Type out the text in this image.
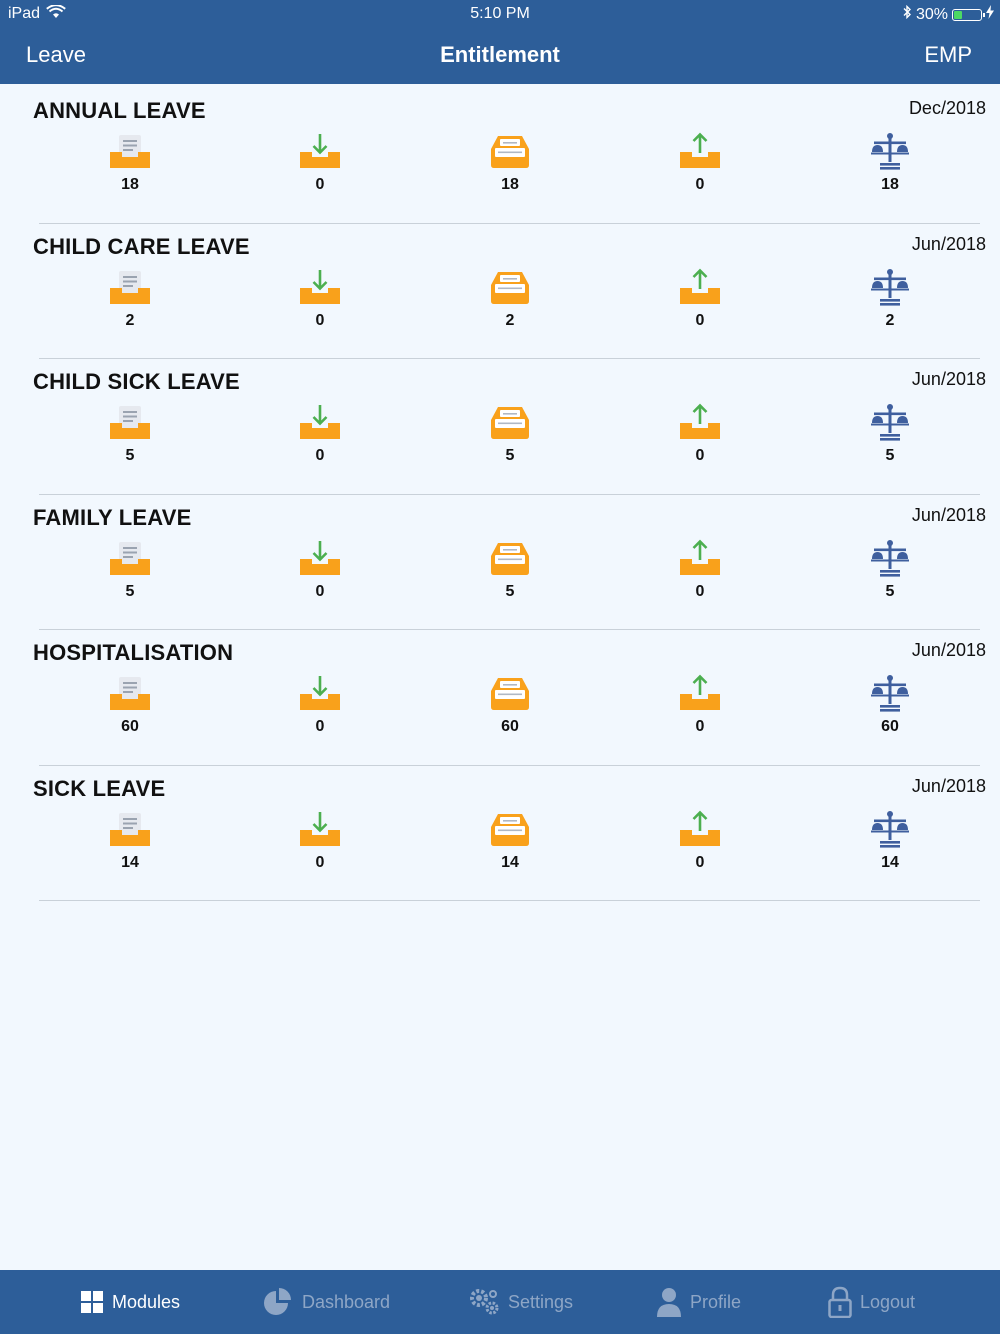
iPad	5:10 PM	30%
Leave	Entitlement	EMP
ANNUAL LEAVE	Dec/2018
18	0	18	0	18
CHILD CARE LEAVE	Jun/2018
2	0	2	0	2
CHILD SICK LEAVE	Jun/2018
5	0	5	0	5
FAMILY LEAVE	Jun/2018
5	0	5	0	5
HOSPITALISATION	Jun/2018
60	0	60	0	60
SICK LEAVE	Jun/2018
14	0	14	0	14
Modules	Dashboard	Settings	Profile	Logout
